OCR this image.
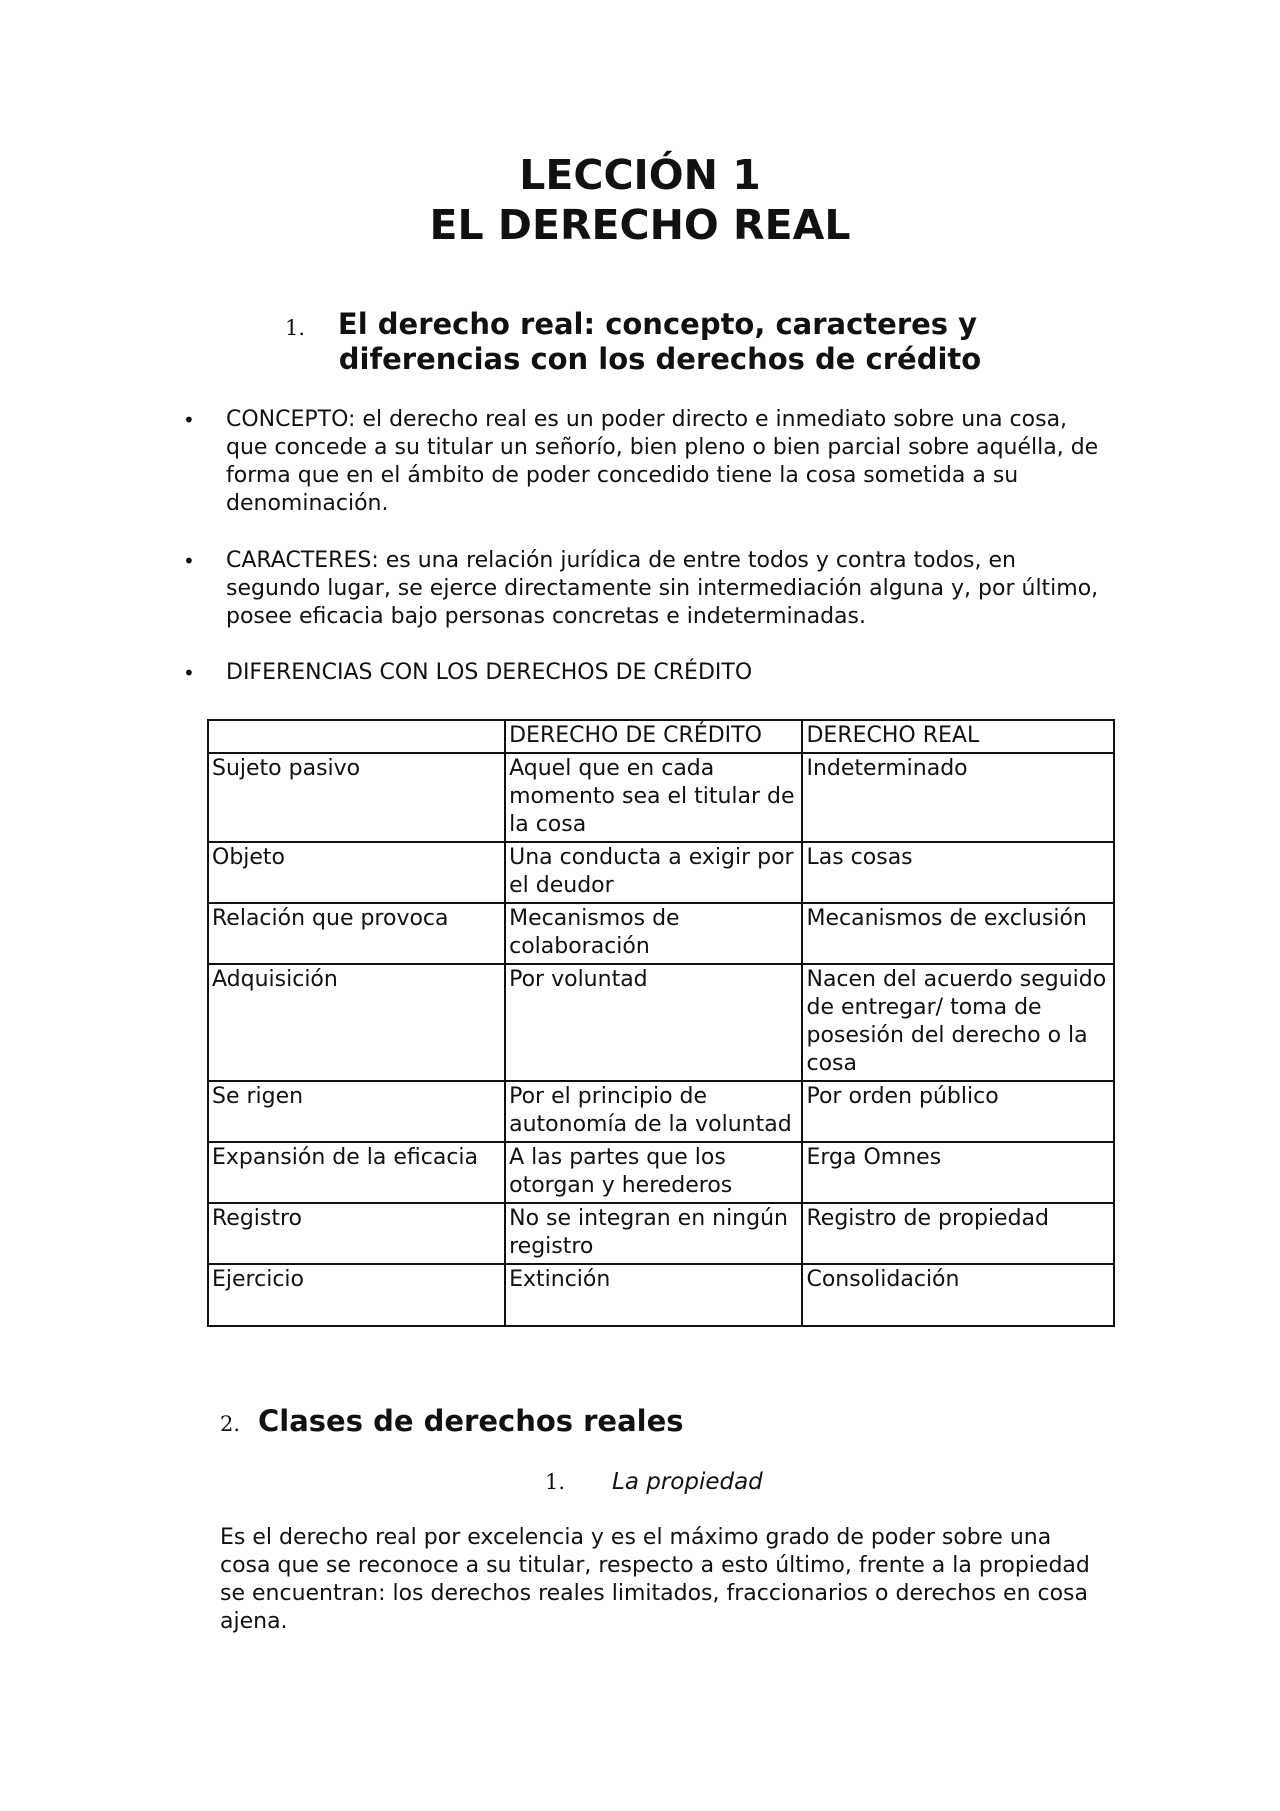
LECCIÓN 1
EL DERECHO REAL
1.	El derecho real: concepto, caracteres y
diferencias con los derechos de crédito
• CONCEPTO: el derecho real es un poder directo e inmediato sobre una cosa, que concede a su titular un señorío, bien pleno o bien parcial sobre aquélla, de forma que en el ámbito de poder concedido tiene la cosa sometida a su denominación.
• CARACTERES: es una relación jurídica de entre todos y contra todos, en segundo lugar, se ejerce directamente sin intermediación alguna y, por último, posee eficacia bajo personas concretas e indeterminadas.
• DIFERENCIAS CON LOS DERECHOS DE CRÉDITO
	DERECHO DE CRÉDITO	DERECHO REAL
Sujeto pasivo	Aquel que en cada momento sea el titular de la cosa	Indeterminado
Objeto	Una conducta a exigir por el deudor	Las cosas
Relación que provoca	Mecanismos de colaboración	Mecanismos de exclusión
Adquisición	Por voluntad	Nacen del acuerdo seguido de entregar/ toma de posesión del derecho o la cosa
Se rigen	Por el principio de autonomía de la voluntad	Por orden público
Expansión de la eficacia	A las partes que los otorgan y herederos	Erga Omnes
Registro	No se integran en ningún registro	Registro de propiedad
Ejercicio	Extinción	Consolidación
2. Clases de derechos reales
1. La propiedad
Es el derecho real por excelencia y es el máximo grado de poder sobre una cosa que se reconoce a su titular, respecto a esto último, frente a la propiedad se encuentran: los derechos reales limitados, fraccionarios o derechos en cosa ajena.
